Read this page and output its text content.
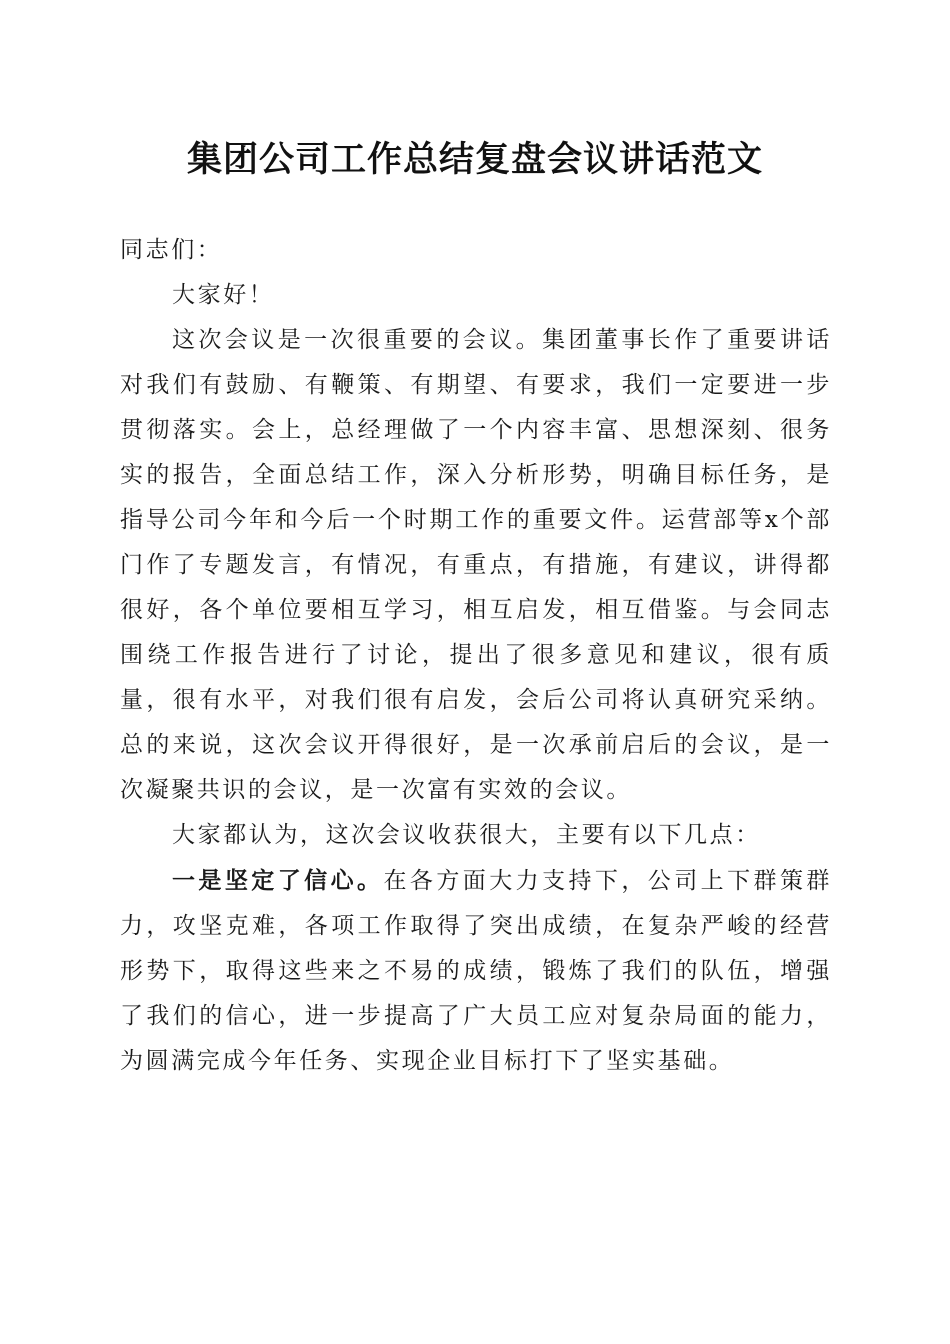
集团公司工作总结复盘会议讲话范文

同志们：

大家好！

这次会议是一次很重要的会议。集团董事长作了重要讲话对我们有鼓励、有鞭策、有期望、有要求，我们一定要进一步贯彻落实。会上，总经理做了一个内容丰富、思想深刻、很务实的报告，全面总结工作，深入分析形势，明确目标任务，是指导公司今年和今后一个时期工作的重要文件。运营部等x个部门作了专题发言，有情况，有重点，有措施，有建议，讲得都很好，各个单位要相互学习，相互启发，相互借鉴。与会同志围绕工作报告进行了讨论，提出了很多意见和建议，很有质量，很有水平，对我们很有启发，会后公司将认真研究采纳。总的来说，这次会议开得很好，是一次承前启后的会议，是一次凝聚共识的会议，是一次富有实效的会议。

大家都认为，这次会议收获很大，主要有以下几点：

一是坚定了信心。在各方面大力支持下，公司上下群策群力，攻坚克难，各项工作取得了突出成绩，在复杂严峻的经营形势下，取得这些来之不易的成绩，锻炼了我们的队伍，增强了我们的信心，进一步提高了广大员工应对复杂局面的能力，为圆满完成今年任务、实现企业目标打下了坚实基础。
